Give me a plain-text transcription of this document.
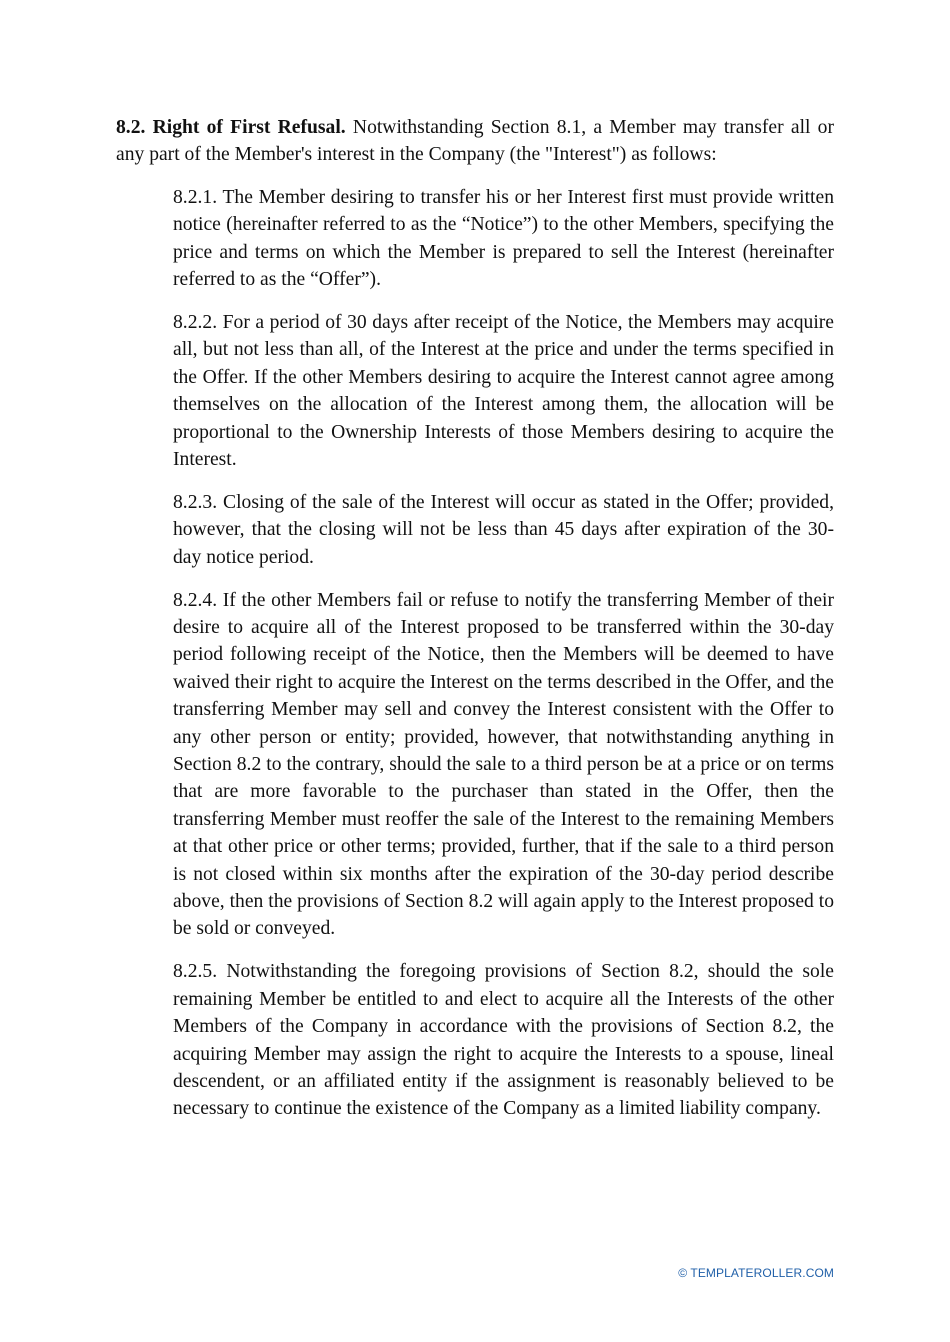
8.2. Right of First Refusal. Notwithstanding Section 8.1, a Member may transfer all or any part of the Member's interest in the Company (the "Interest") as follows:

8.2.1. The Member desiring to transfer his or her Interest first must provide written notice (hereinafter referred to as the “Notice”) to the other Members, specifying the price and terms on which the Member is prepared to sell the Interest (hereinafter referred to as the “Offer”).

8.2.2. For a period of 30 days after receipt of the Notice, the Members may acquire all, but not less than all, of the Interest at the price and under the terms specified in the Offer. If the other Members desiring to acquire the Interest cannot agree among themselves on the allocation of the Interest among them, the allocation will be proportional to the Ownership Interests of those Members desiring to acquire the Interest.

8.2.3. Closing of the sale of the Interest will occur as stated in the Offer; provided, however, that the closing will not be less than 45 days after expiration of the 30- day notice period.

8.2.4. If the other Members fail or refuse to notify the transferring Member of their desire to acquire all of the Interest proposed to be transferred within the 30-day period following receipt of the Notice, then the Members will be deemed to have waived their right to acquire the Interest on the terms described in the Offer, and the transferring Member may sell and convey the Interest consistent with the Offer to any other person or entity; provided, however, that notwithstanding anything in Section 8.2 to the contrary, should the sale to a third person be at a price or on terms that are more favorable to the purchaser than stated in the Offer, then the transferring Member must reoffer the sale of the Interest to the remaining Members at that other price or other terms; provided, further, that if the sale to a third person is not closed within six months after the expiration of the 30-day period describe above, then the provisions of Section 8.2 will again apply to the Interest proposed to be sold or conveyed.

8.2.5. Notwithstanding the foregoing provisions of Section 8.2, should the sole remaining Member be entitled to and elect to acquire all the Interests of the other Members of the Company in accordance with the provisions of Section 8.2, the acquiring Member may assign the right to acquire the Interests to a spouse, lineal descendent, or an affiliated entity if the assignment is reasonably believed to be necessary to continue the existence of the Company as a limited liability company.

© TEMPLATEROLLER.COM
